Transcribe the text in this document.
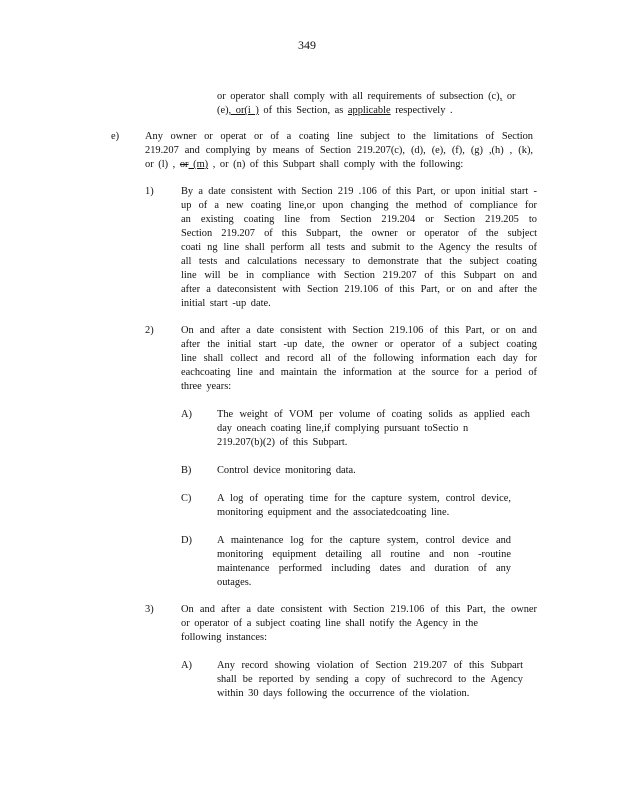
349
or operator shall comply with all requirements of subsection (c), or
(e), or(i ) of this Section, as applicable respectively .
e) Any owner or operat or of a coating line subject to the limitations of Section
219.207 and complying by means of Section 219.207(c), (d), (e), (f), (g) ,(h) , (k),
or (l) , or (m) , or (n) of this Subpart shall comply with the following:
1)	By a date consistent with Section 219 .106 of this Part, or upon initial start -
up of a new coating line,or upon changing the method of compliance for
an existing coating line from Section 219.204 or Section 219.205 to
Section 219.207 of this Subpart, the owner or operator of the subject
coati ng line shall perform all tests and submit to the Agency the results of
all tests and calculations necessary to demonstrate that the subject coating
line will be in compliance with Section 219.207 of this Subpart on and
after a dateconsistent with Section 219.106 of this Part, or on and after the
initial start -up date.
2)	On and after a date consistent with Section 219.106 of this Part, or on and
after the initial start -up date, the owner or operator of a subject coating
line shall collect and record all of the following information each day for
eachcoating line and maintain the information at the source for a period of
three years:
A) The weight of VOM per volume of coating solids as applied each
day oneach coating line,if complying pursuant toSectio n
219.207(b)(2) of this Subpart.
B) Control device monitoring data.
C) A log of operating time for the capture system, control device,
monitoring equipment and the associatedcoating line.
D) A maintenance log for the capture system, control device and
monitoring equipment detailing all routine and non -routine
maintenance performed including dates and duration of any
outages.
3)	On and after a date consistent with Section 219.106 of this Part, the owner
or operator of a subject coating line shall notify the Agency in the
following instances:
A) Any record showing violation of Section 219.207 of this Subpart
shall be reported by sending a copy of suchrecord to the Agency
within 30 days following the occurrence of the violation.
